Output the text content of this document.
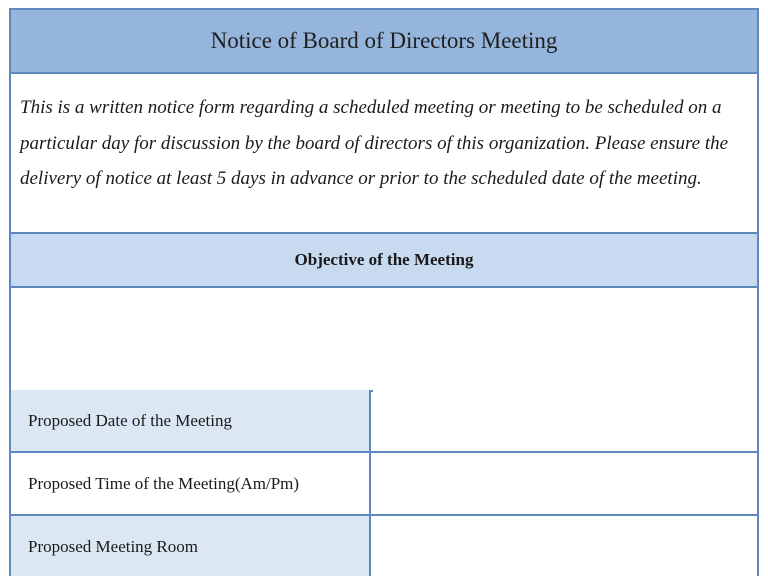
Notice of Board of Directors Meeting
This is a written notice form regarding a scheduled meeting or meeting to be scheduled on a particular day for discussion by the board of directors of this organization. Please ensure the delivery of notice at least 5 days in advance or prior to the scheduled date of the meeting.
Objective of the Meeting
Proposed Date of the Meeting
Proposed Time of the Meeting(Am/Pm)
Proposed Meeting Room
